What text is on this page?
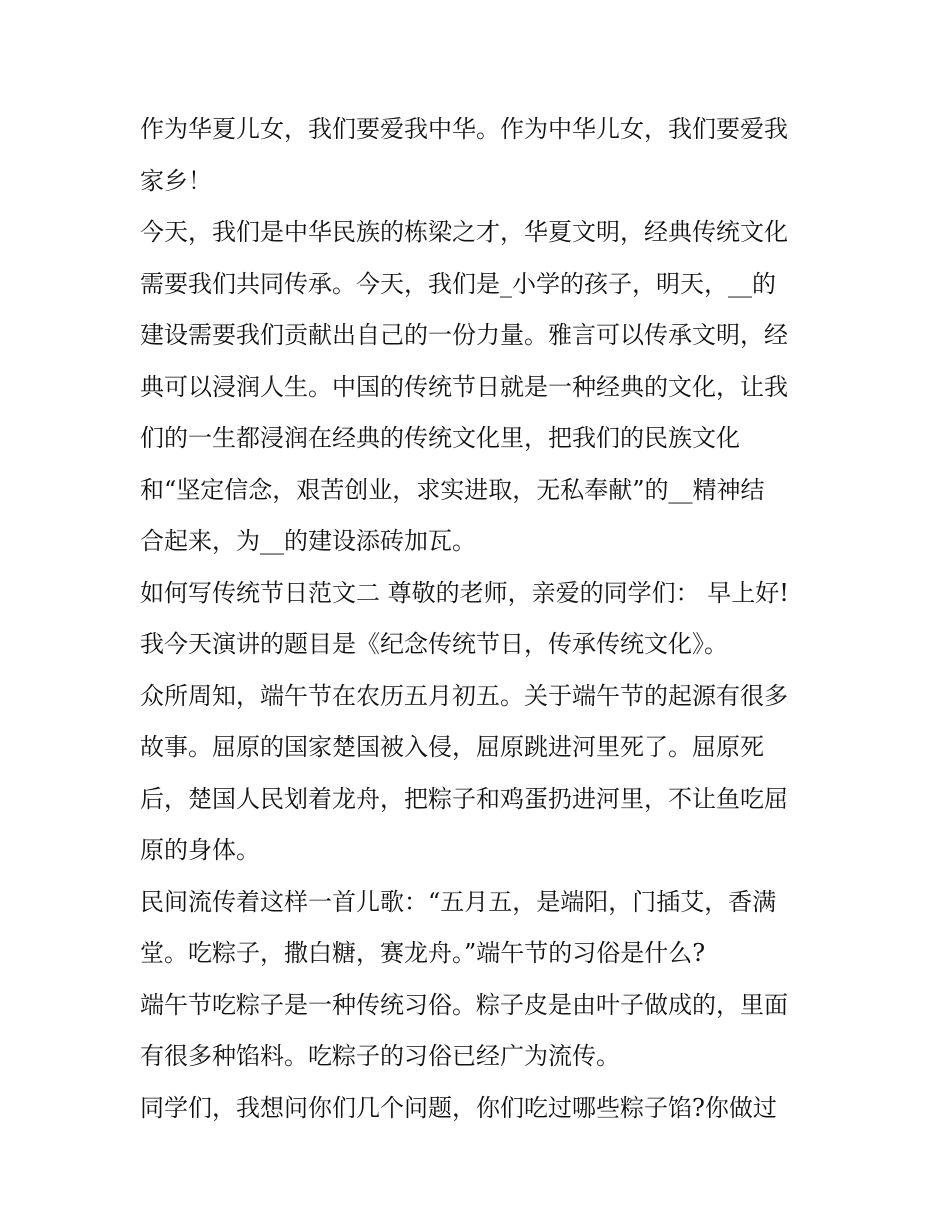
作为华夏儿女，我们要爱我中华。作为中华儿女，我们要爱我
家乡！
今天，我们是中华民族的栋梁之才，华夏文明，经典传统文化
需要我们共同传承。今天，我们是_小学的孩子，明天，__的
建设需要我们贡献出自己的一份力量。雅言可以传承文明，经
典可以浸润人生。中国的传统节日就是一种经典的文化，让我
们的一生都浸润在经典的传统文化里，把我们的民族文化
和“坚定信念，艰苦创业，求实进取，无私奉献”的__精神结
合起来，为__的建设添砖加瓦。
如何写传统节日范文二 尊敬的老师，亲爱的同学们： 早上好!
我今天演讲的题目是《纪念传统节日，传承传统文化》。
众所周知，端午节在农历五月初五。关于端午节的起源有很多
故事。屈原的国家楚国被入侵，屈原跳进河里死了。屈原死
后，楚国人民划着龙舟，把粽子和鸡蛋扔进河里，不让鱼吃屈
原的身体。
民间流传着这样一首儿歌：“五月五，是端阳，门插艾，香满
堂。吃粽子，撒白糖，赛龙舟。”端午节的习俗是什么?
端午节吃粽子是一种传统习俗。粽子皮是由叶子做成的，里面
有很多种馅料。吃粽子的习俗已经广为流传。
同学们，我想问你们几个问题，你们吃过哪些粽子馅?你做过
